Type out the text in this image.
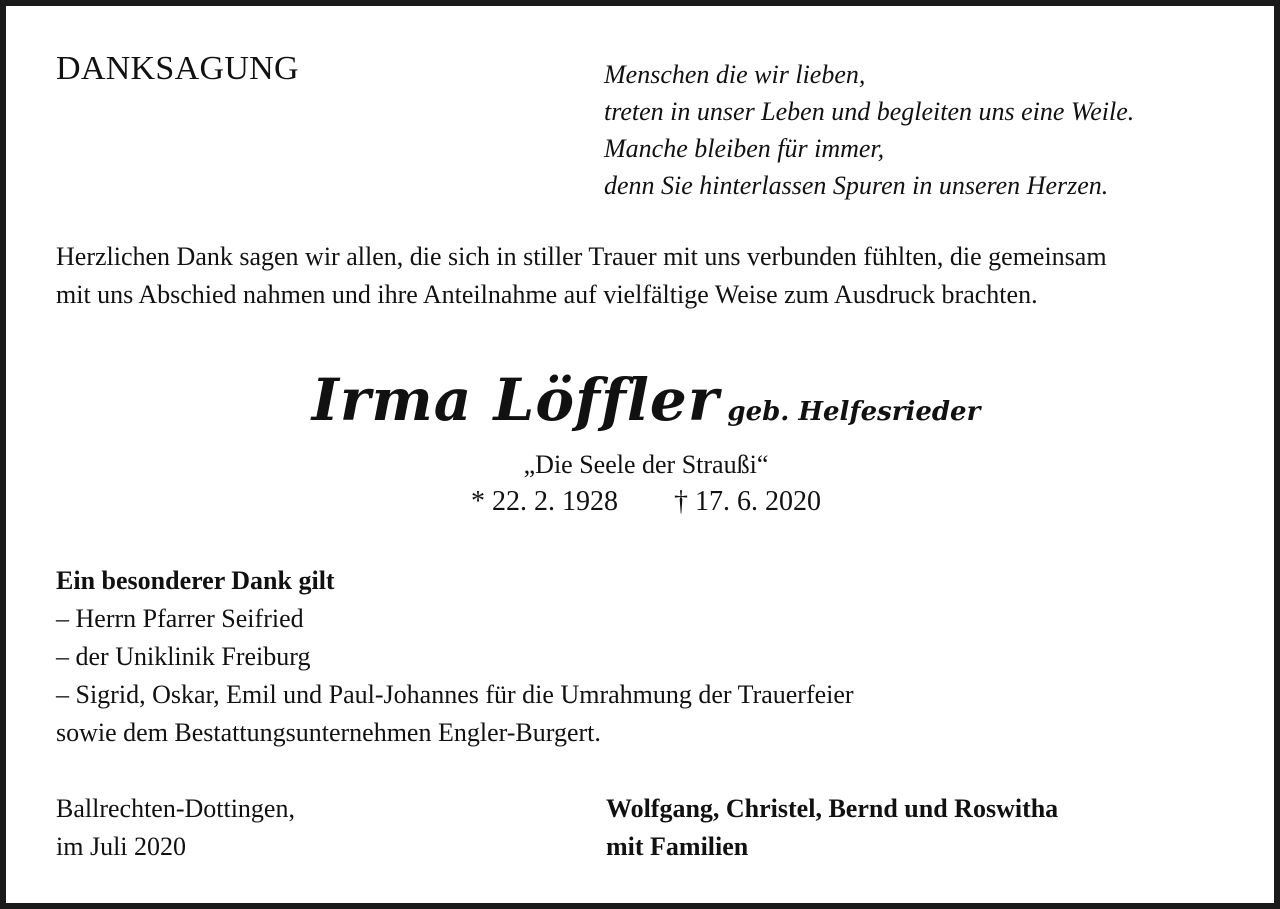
DANKSAGUNG	Menschen die wir lieben,
treten in unser Leben und begleiten uns eine Weile.
Manche bleiben für immer,
denn Sie hinterlassen Spuren in unseren Herzen.
Herzlichen Dank sagen wir allen, die sich in stiller Trauer mit uns verbunden fühlten, die gemeinsam
mit uns Abschied nahmen und ihre Anteilnahme auf vielfältige Weise zum Ausdruck brachten.
Irma Löffler geb. Helfesrieder
„Die Seele der Straußi“
* 22. 2. 1928 † 17. 6. 2020
Ein besonderer Dank gilt
– Herrn Pfarrer Seifried
– der Uniklinik Freiburg
– Sigrid, Oskar, Emil und Paul-Johannes für die Umrahmung der Trauerfeier
sowie dem Bestattungsunternehmen Engler-Burgert.
Ballrechten-Dottingen,
im Juli 2020
Wolfgang, Christel, Bernd und Roswitha
mit Familien
